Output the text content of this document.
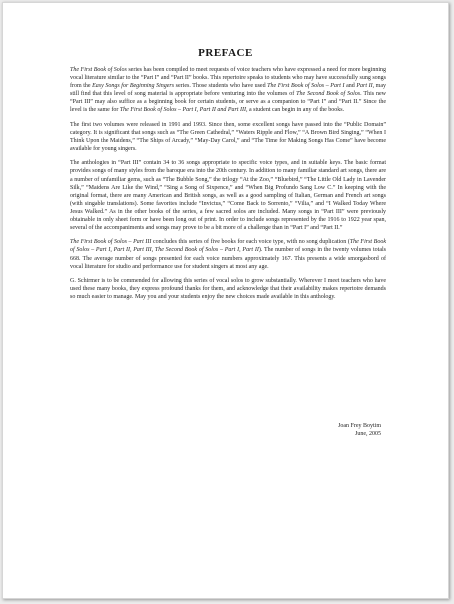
PREFACE

The First Book of Solos series has been compiled to meet requests of voice teachers who have expressed a need for more beginning vocal literature similar to the “Part I” and “Part II” books. This repertoire speaks to students who may have successfully sung songs from the Easy Songs for Beginning Singers series. Those students who have used The First Book of Solos – Part I and Part II, may still find that this level of song material is appropriate before venturing into the volumes of The Second Book of Solos. This new “Part III” may also suffice as a beginning book for certain students, or serve as a companion to “Part I” and “Part II.” Since the level is the same for The First Book of Solos – Part I, Part II and Part III, a student can begin in any of the books.

The first two volumes were released in 1991 and 1993. Since then, some excellent songs have passed into the “Public Domain” category. It is significant that songs such as “The Green Cathedral,” “Waters Ripple and Flow,” “A Brown Bird Singing,” “When I Think Upon the Maidens,” “The Ships of Arcady,” “May-Day Carol,” and “The Time for Making Songs Has Come” have become available for young singers.

The anthologies in “Part III” contain 34 to 36 songs appropriate to specific voice types, and in suitable keys. The basic format provides songs of many styles from the baroque era into the 20th century. In addition to many familiar standard art songs, there are a number of unfamiliar gems, such as “The Bubble Song,” the trilogy “At the Zoo,” “Bluebird,” “The Little Old Lady in Lavender Silk,” “Maidens Are Like the Wind,” “Sing a Song of Sixpence,” and “When Big Profundo Sang Low C.” In keeping with the original format, there are many American and British songs, as well as a good sampling of Italian, German and French art songs (with singable translations). Some favorites include “Invictus,” “Come Back to Sorrento,” “Vilia,” and “I Walked Today Where Jesus Walked.” As in the other books of the series, a few sacred solos are included. Many songs in “Part III” were previously obtainable in only sheet form or have been long out of print. In order to include songs represented by the 1916 to 1922 year span, several of the accompaniments and songs may prove to be a bit more of a challenge than in “Part I” and “Part II.”

The First Book of Solos – Part III concludes this series of five books for each voice type, with no song duplication (The First Book of Solos – Part I, Part II, Part III, The Second Book of Solos – Part I, Part II). The number of songs in the twenty volumes totals 668. The average number of songs presented for each voice numbers approximately 167. This presents a wide smorgasbord of vocal literature for studio and performance use for student singers at most any age.

G. Schirmer is to be commended for allowing this series of vocal solos to grow substantially. Wherever I meet teachers who have used these many books, they express profound thanks for them, and acknowledge that their availability makes repertoire demands so much easier to manage. May you and your students enjoy the new choices made available in this anthology.

Joan Frey Boytim
June, 2005
